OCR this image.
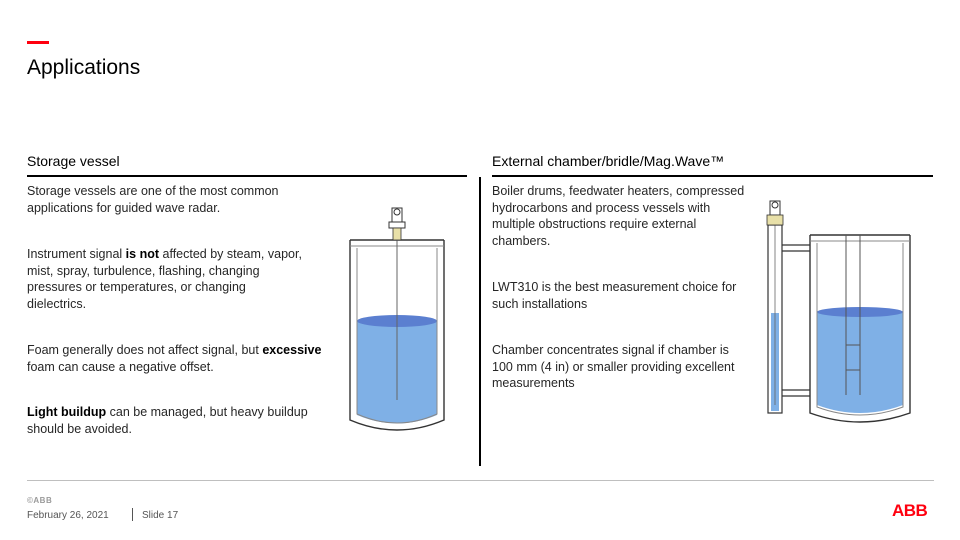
Applications
Storage vessel

Storage vessels are one of the most common applications for guided wave radar.

Instrument signal is not affected by steam, vapor, mist, spray, turbulence, flashing, changing pressures or temperatures, or changing dielectrics.

Foam generally does not affect signal, but excessive foam can cause a negative offset.

Light buildup can be managed, but heavy buildup should be avoided.

External chamber/bridle/Mag.Wave™

Boiler drums, feedwater heaters, compressed hydrocarbons and process vessels with multiple obstructions require external chambers.

LWT310 is the best measurement choice for such installations

Chamber concentrates signal if chamber is 100 mm (4 in) or smaller providing excellent measurements

©ABB
February 26, 2021	Slide 17	ABB
